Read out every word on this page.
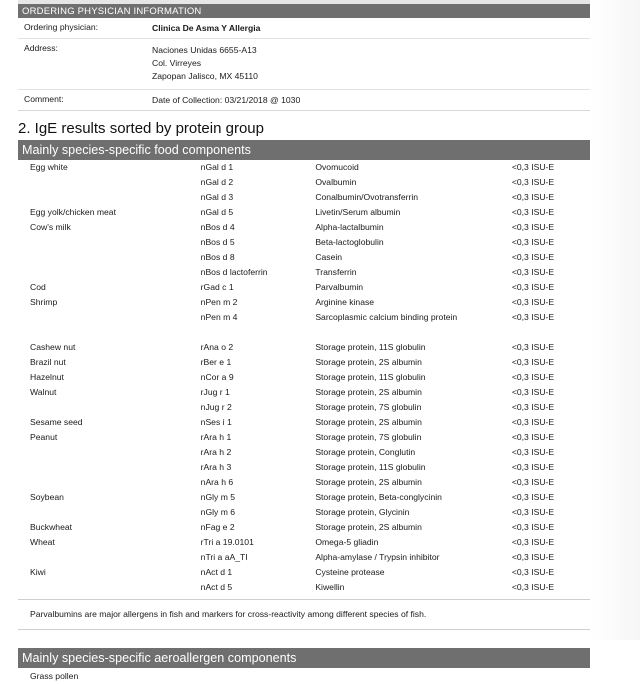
ORDERING PHYSICIAN INFORMATION
Ordering physician:	Clinica De Asma Y Allergia
Address:	Naciones Unidas 6655-A13
Col. Virreyes
Zapopan Jalisco, MX 45110
Comment:	Date of Collection: 03/21/2018 @ 1030
2. IgE results sorted by protein group
Mainly species-specific food components
Egg white	nGal d 1	Ovomucoid	<0,3 ISU-E
	nGal d 2	Ovalbumin	<0,3 ISU-E
	nGal d 3	Conalbumin/Ovotransferrin	<0,3 ISU-E
Egg yolk/chicken meat	nGal d 5	Livetin/Serum albumin	<0,3 ISU-E
Cow's milk	nBos d 4	Alpha-lactalbumin	<0,3 ISU-E
	nBos d 5	Beta-lactoglobulin	<0,3 ISU-E
	nBos d 8	Casein	<0,3 ISU-E
	nBos d lactoferrin	Transferrin	<0,3 ISU-E
Cod	rGad c 1	Parvalbumin	<0,3 ISU-E
Shrimp	nPen m 2	Arginine kinase	<0,3 ISU-E
	nPen m 4	Sarcoplasmic calcium binding protein	<0,3 ISU-E
Cashew nut	rAna o 2	Storage protein, 11S globulin	<0,3 ISU-E
Brazil nut	rBer e 1	Storage protein, 2S albumin	<0,3 ISU-E
Hazelnut	nCor a 9	Storage protein, 11S globulin	<0,3 ISU-E
Walnut	rJug r 1	Storage protein, 2S albumin	<0,3 ISU-E
	nJug r 2	Storage protein, 7S globulin	<0,3 ISU-E
Sesame seed	nSes i 1	Storage protein, 2S albumin	<0,3 ISU-E
Peanut	rAra h 1	Storage protein, 7S globulin	<0,3 ISU-E
	rAra h 2	Storage protein, Conglutin	<0,3 ISU-E
	rAra h 3	Storage protein, 11S globulin	<0,3 ISU-E
	nAra h 6	Storage protein, 2S albumin	<0,3 ISU-E
Soybean	nGly m 5	Storage protein, Beta-conglycinin	<0,3 ISU-E
	nGly m 6	Storage protein, Glycinin	<0,3 ISU-E
Buckwheat	nFag e 2	Storage protein, 2S albumin	<0,3 ISU-E
Wheat	rTri a 19.0101	Omega-5 gliadin	<0,3 ISU-E
	nTri a aA_TI	Alpha-amylase / Trypsin inhibitor	<0,3 ISU-E
Kiwi	nAct d 1	Cysteine protease	<0,3 ISU-E
	nAct d 5	Kiwellin	<0,3 ISU-E
Parvalbumins are major allergens in fish and markers for cross-reactivity among different species of fish.
Mainly species-specific aeroallergen components
Grass pollen
